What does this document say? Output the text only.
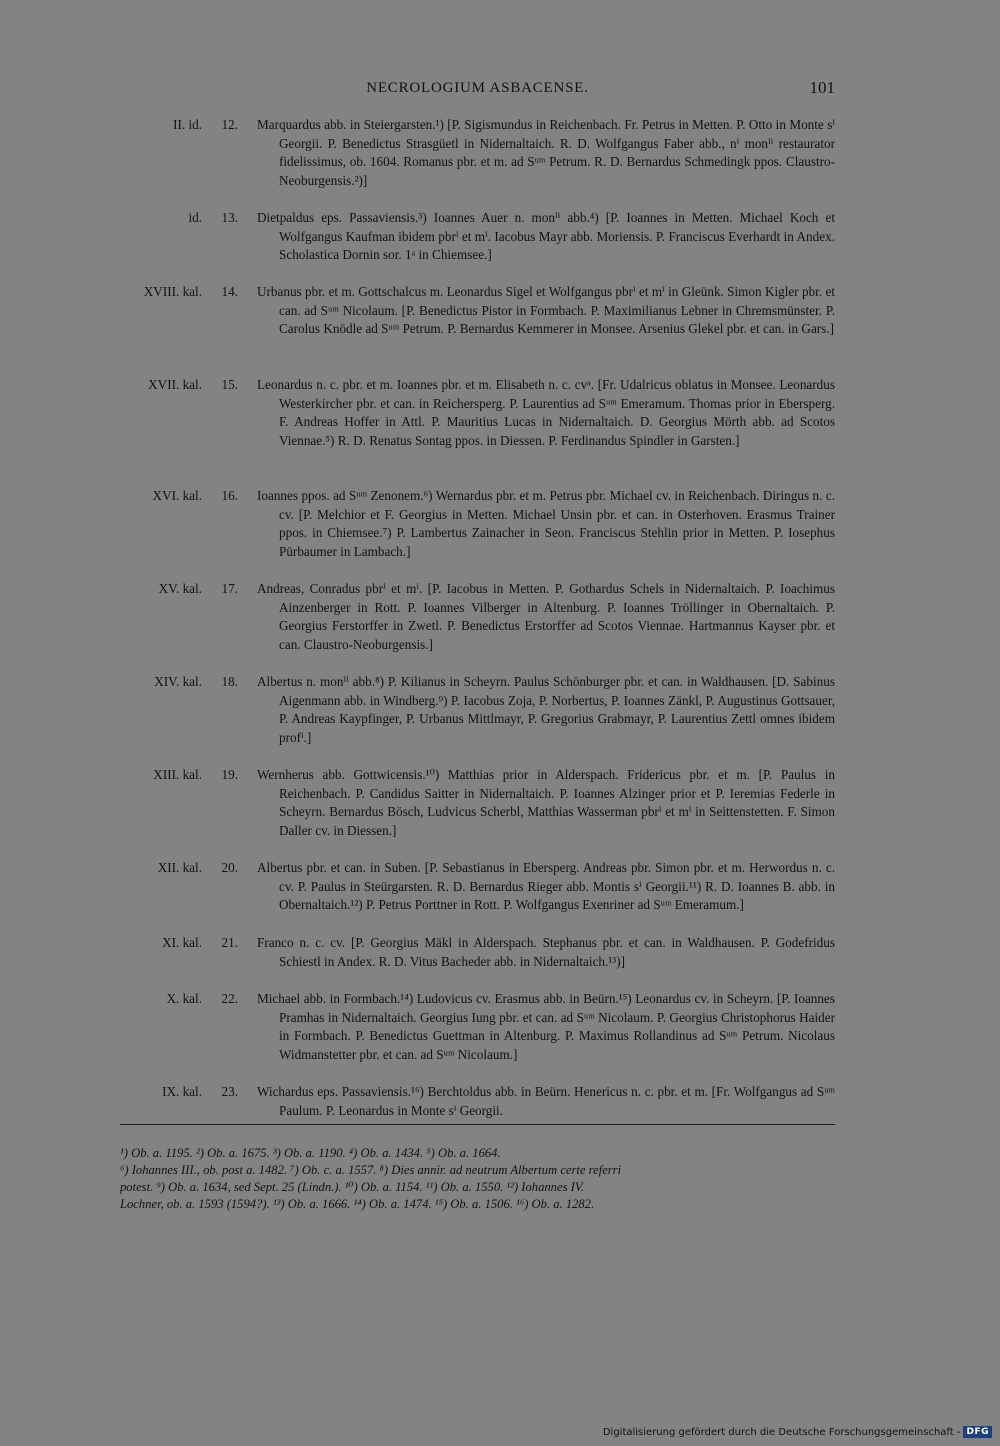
NECROLOGIUM ASBACENSE.	101
II. id.	12. Marquardus abb. in Steiergarsten.¹) [P. Sigismundus in Reichenbach. Fr. Petrus in Metten. P. Otto in Monte sⁱ Georgii. P. Benedictus Strasgüetl in Nidernaltaich. R. D. Wolfgangus Faber abb., nⁱ monⁱⁱ restaurator fidelissimus, ob. 1604. Romanus pbr. et m. ad Sᵘᵐ Petrum. R. D. Bernardus Schmedingk ppos. Claustro-Neoburgensis.²)]
id.	13. Dietpaldus eps. Passaviensis.³) Ioannes Auer n. monⁱⁱ abb.⁴) [P. Ioannes in Metten. Michael Koch et Wolfgangus Kaufman ibidem pbrⁱ et mⁱ. Iacobus Mayr abb. Moriensis. P. Franciscus Everhardt in Andex. Scholastica Dornin sor. 1ᵃ in Chiemsee.]
XVIII. kal.	14. Urbanus pbr. et m. Gottschalcus m. Leonardus Sigel et Wolfgangus pbrⁱ et mⁱ in Gleünk. Simon Kigler pbr. et can. ad Sᵘᵐ Nicolaum. [P. Benedictus Pistor in Formbach. P. Maximilianus Lebner in Chremsmünster. P. Carolus Knödle ad Sᵘᵐ Petrum. P. Bernardus Kemmerer in Monsee. Arsenius Glekel pbr. et can. in Gars.]
XVII. kal.	15. Leonardus n. c. pbr. et m. Ioannes pbr. et m. Elisabeth n. c. cvᵃ. [Fr. Udalricus oblatus in Monsee. Leonardus Westerkircher pbr. et can. in Reichersperg. P. Laurentius ad Sᵘᵐ Emeramum. Thomas prior in Ebersperg. F. Andreas Hoffer in Attl. P. Mauritius Lucas in Nidernaltaich. D. Georgius Mörth abb. ad Scotos Viennae.⁵) R. D. Renatus Sontag ppos. in Diessen. P. Ferdinandus Spindler in Garsten.]
XVI. kal.	16. Ioannes ppos. ad Sᵘᵐ Zenonem.⁶) Wernardus pbr. et m. Petrus pbr. Michael cv. in Reichenbach. Diringus n. c. cv. [P. Melchior et F. Georgius in Metten. Michael Unsin pbr. et can. in Osterhoven. Erasmus Trainer ppos. in Chiemsee.⁷) P. Lambertus Zainacher in Seon. Franciscus Stehlin prior in Metten. P. Iosephus Pürbaumer in Lambach.]
XV. kal.	17. Andreas, Conradus pbrⁱ et mⁱ. [P. Iacobus in Metten. P. Gothardus Schels in Nidernaltaich. P. Ioachimus Ainzenberger in Rott. P. Ioannes Vilberger in Altenburg. P. Ioannes Tröllinger in Obernaltaich. P. Georgius Ferstorffer in Zwetl. P. Benedictus Erstorffer ad Scotos Viennae. Hartmannus Kayser pbr. et can. Claustro-Neoburgensis.]
XIV. kal.	18. Albertus n. monⁱⁱ abb.⁸) P. Kilianus in Scheyrn. Paulus Schönburger pbr. et can. in Waldhausen. [D. Sabinus Aigenmann abb. in Windberg.⁹) P. Iacobus Zoja, P. Norbertus, P. Ioannes Zänkl, P. Augustinus Gottsauer, P. Andreas Kaypfinger, P. Urbanus Mittlmayr, P. Gregorius Grabmayr, P. Laurentius Zettl omnes ibidem profⁱ.]
XIII. kal.	19. Wernherus abb. Gottwicensis.¹⁰) Matthias prior in Alderspach. Fridericus pbr. et m. [P. Paulus in Reichenbach. P. Candidus Saitter in Nidernaltaich. P. Ioannes Alzinger prior et P. Ieremias Federle in Scheyrn. Bernardus Bösch, Ludvicus Scherbl, Matthias Wasserman pbrⁱ et mⁱ in Seittenstetten. F. Simon Daller cv. in Diessen.]
XII. kal.	20. Albertus pbr. et can. in Suben. [P. Sebastianus in Ebersperg. Andreas pbr. Simon pbr. et m. Herwordus n. c. cv. P. Paulus in Steürgarsten. R. D. Bernardus Rieger abb. Montis sⁱ Georgii.¹¹) R. D. Ioannes B. abb. in Obernaltaich.¹²) P. Petrus Porttner in Rott. P. Wolfgangus Exenriner ad Sᵘᵐ Emeramum.]
XI. kal.	21. Franco n. c. cv. [P. Georgius Mäkl in Alderspach. Stephanus pbr. et can. in Waldhausen. P. Godefridus Schiestl in Andex. R. D. Vitus Bacheder abb. in Nidernaltaich.¹³)]
X. kal.	22. Michael abb. in Formbach.¹⁴) Ludovicus cv. Erasmus abb. in Beürn.¹⁵) Leonardus cv. in Scheyrn. [P. Ioannes Pramhas in Nidernaltaich. Georgius Iung pbr. et can. ad Sᵘᵐ Nicolaum. P. Georgius Christophorus Haider in Formbach. P. Benedictus Guettman in Altenburg. P. Maximus Rollandinus ad Sᵘᵐ Petrum. Nicolaus Widmanstetter pbr. et can. ad Sᵘᵐ Nicolaum.]
IX. kal.	23. Wichardus eps. Passaviensis.¹⁶) Berchtoldus abb. in Beürn. Henericus n. c. pbr. et m. [Fr. Wolfgangus ad Sᵘᵐ Paulum. P. Leonardus in Monte sⁱ Georgii.
¹) Ob. a. 1195. ²) Ob. a. 1675. ³) Ob. a. 1190. ⁴) Ob. a. 1434. ⁵) Ob. a. 1664.
⁶) Iohannes III., ob. post a. 1482. ⁷) Ob. c. a. 1557. ⁸) Dies annir. ad neutrum Albertum certe referri
potest. ⁹) Ob. a. 1634, sed Sept. 25 (Lindn.). ¹⁰) Ob. a. 1154. ¹¹) Ob. a. 1550. ¹²) Iohannes IV.
Lochner, ob. a. 1593 (1594?). ¹³) Ob. a. 1666. ¹⁴) Ob. a. 1474. ¹⁵) Ob. a. 1506. ¹⁶) Ob. a. 1282.
Digitalisierung gefördert durch die Deutsche Forschungsgemeinschaft - DFG
